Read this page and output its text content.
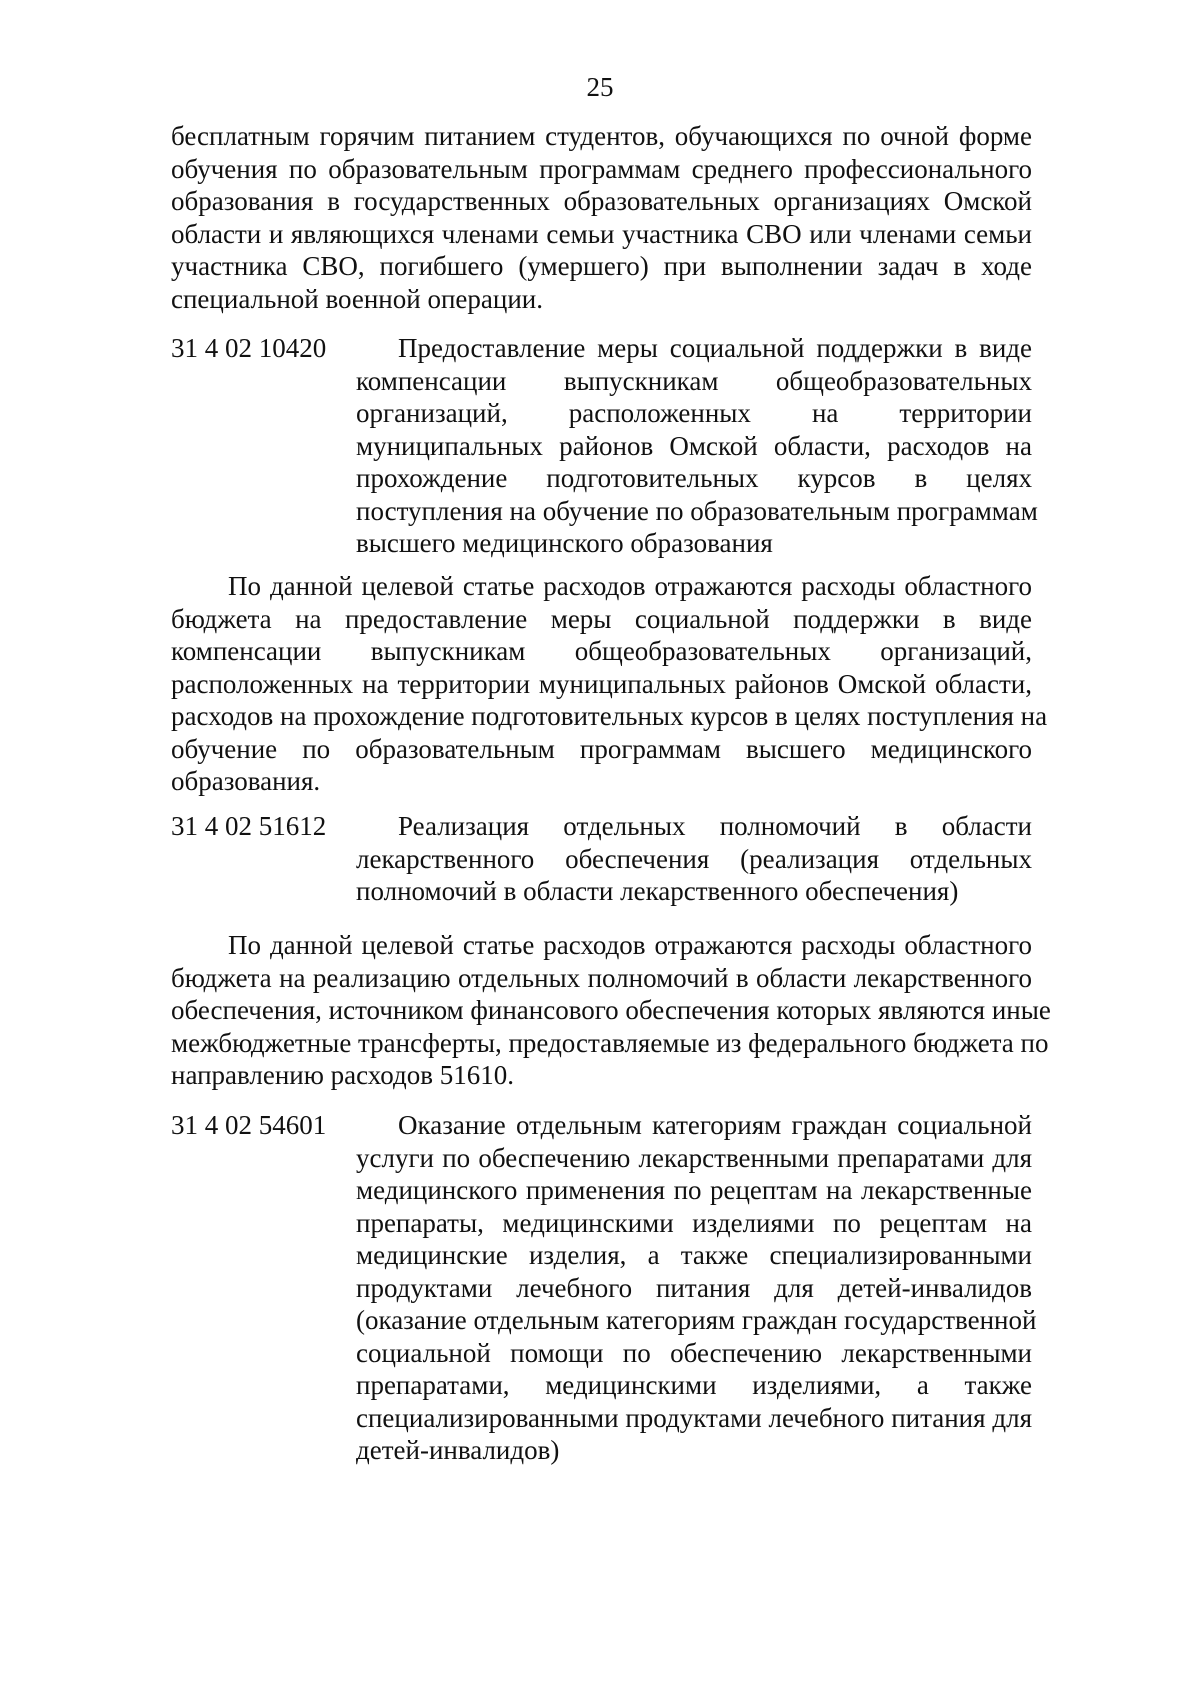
25
бесплатным горячим питанием студентов, обучающихся по очной форме
обучения по образовательным программам среднего профессионального
образования в государственных образовательных организациях Омской
области и являющихся членами семьи участника СВО или членами семьи
участника СВО, погибшего (умершего) при выполнении задач в ходе
специальной военной операции.
31 4 02 10420	Предоставление меры социальной поддержки в виде
компенсации выпускникам общеобразовательных
организаций, расположенных на территории
муниципальных районов Омской области, расходов на
прохождение подготовительных курсов в целях
поступления на обучение по образовательным программам
высшего медицинского образования
По данной целевой статье расходов отражаются расходы областного
бюджета на предоставление меры социальной поддержки в виде
компенсации выпускникам общеобразовательных организаций,
расположенных на территории муниципальных районов Омской области,
расходов на прохождение подготовительных курсов в целях поступления на
обучение по образовательным программам высшего медицинского
образования.
31 4 02 51612	Реализация отдельных полномочий в области
лекарственного обеспечения (реализация отдельных
полномочий в области лекарственного обеспечения)
По данной целевой статье расходов отражаются расходы областного
бюджета на реализацию отдельных полномочий в области лекарственного
обеспечения, источником финансового обеспечения которых являются иные
межбюджетные трансферты, предоставляемые из федерального бюджета по
направлению расходов 51610.
31 4 02 54601	Оказание отдельным категориям граждан социальной
услуги по обеспечению лекарственными препаратами для
медицинского применения по рецептам на лекарственные
препараты, медицинскими изделиями по рецептам на
медицинские изделия, а также специализированными
продуктами лечебного питания для детей-инвалидов
(оказание отдельным категориям граждан государственной
социальной помощи по обеспечению лекарственными
препаратами, медицинскими изделиями, а также
специализированными продуктами лечебного питания для
детей-инвалидов)
